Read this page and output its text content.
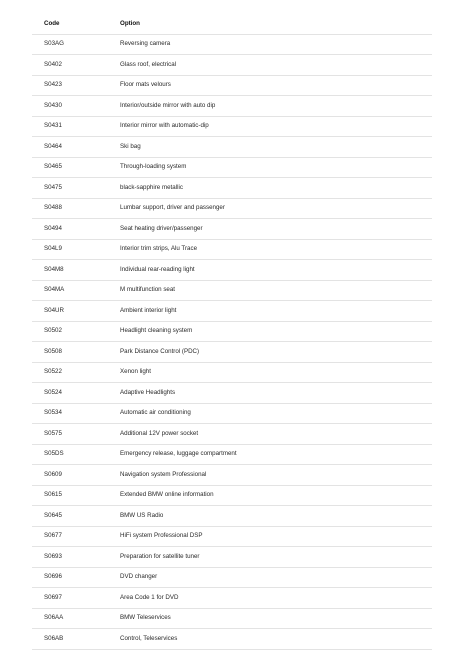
Code	Option
S03AG	Reversing camera
S0402	Glass roof, electrical
S0423	Floor mats velours
S0430	Interior/outside mirror with auto dip
S0431	Interior mirror with automatic-dip
S0464	Ski bag
S0465	Through-loading system
S0475	black-sapphire metallic
S0488	Lumbar support, driver and passenger
S0494	Seat heating driver/passenger
S04L9	Interior trim strips, Alu Trace
S04M8	Individual rear-reading light
S04MA	M multifunction seat
S04UR	Ambient interior light
S0502	Headlight cleaning system
S0508	Park Distance Control (PDC)
S0522	Xenon light
S0524	Adaptive Headlights
S0534	Automatic air conditioning
S0575	Additional 12V power socket
S05DS	Emergency release, luggage compartment
S0609	Navigation system Professional
S0615	Extended BMW online information
S0645	BMW US Radio
S0677	HiFi system Professional DSP
S0693	Preparation for satellite tuner
S0696	DVD changer
S0697	Area Code 1 for DVD
S06AA	BMW Teleservices
S06AB	Control, Teleservices
